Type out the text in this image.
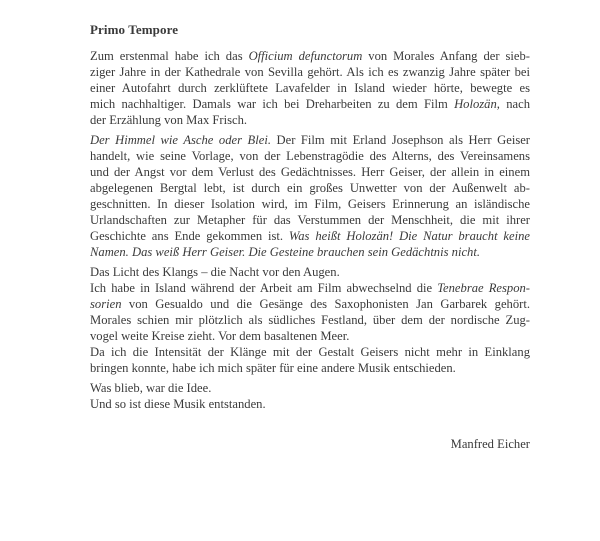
Primo Tempore
Zum erstenmal habe ich das Officium defunctorum von Morales Anfang der sieb-
ziger Jahre in der Kathedrale von Sevilla gehört. Als ich es zwanzig Jahre später bei
einer Autofahrt durch zerklüftete Lavafelder in Island wieder hörte, bewegte es
mich nachhaltiger. Damals war ich bei Dreharbeiten zu dem Film Holozän, nach
der Erzählung von Max Frisch.
Der Himmel wie Asche oder Blei. Der Film mit Erland Josephson als Herr Geiser
handelt, wie seine Vorlage, von der Lebenstragödie des Alterns, des Vereinsamens
und der Angst vor dem Verlust des Gedächtnisses. Herr Geiser, der allein in einem
abgelegenen Bergtal lebt, ist durch ein großes Unwetter von der Außenwelt ab-
geschnitten. In dieser Isolation wird, im Film, Geisers Erinnerung an isländische
Urlandschaften zur Metapher für das Verstummen der Menschheit, die mit ihrer
Geschichte ans Ende gekommen ist. Was heißt Holozän! Die Natur braucht keine
Namen. Das weiß Herr Geiser. Die Gesteine brauchen sein Gedächtnis nicht.
Das Licht des Klangs – die Nacht vor den Augen.
Ich habe in Island während der Arbeit am Film abwechselnd die Tenebrae Respon-
sorien von Gesualdo und die Gesänge des Saxophonisten Jan Garbarek gehört.
Morales schien mir plötzlich als südliches Festland, über dem der nordische Zug-
vogel weite Kreise zieht. Vor dem basaltenen Meer.
Da ich die Intensität der Klänge mit der Gestalt Geisers nicht mehr in Einklang
bringen konnte, habe ich mich später für eine andere Musik entschieden.
Was blieb, war die Idee.
Und so ist diese Musik entstanden.
Manfred Eicher
